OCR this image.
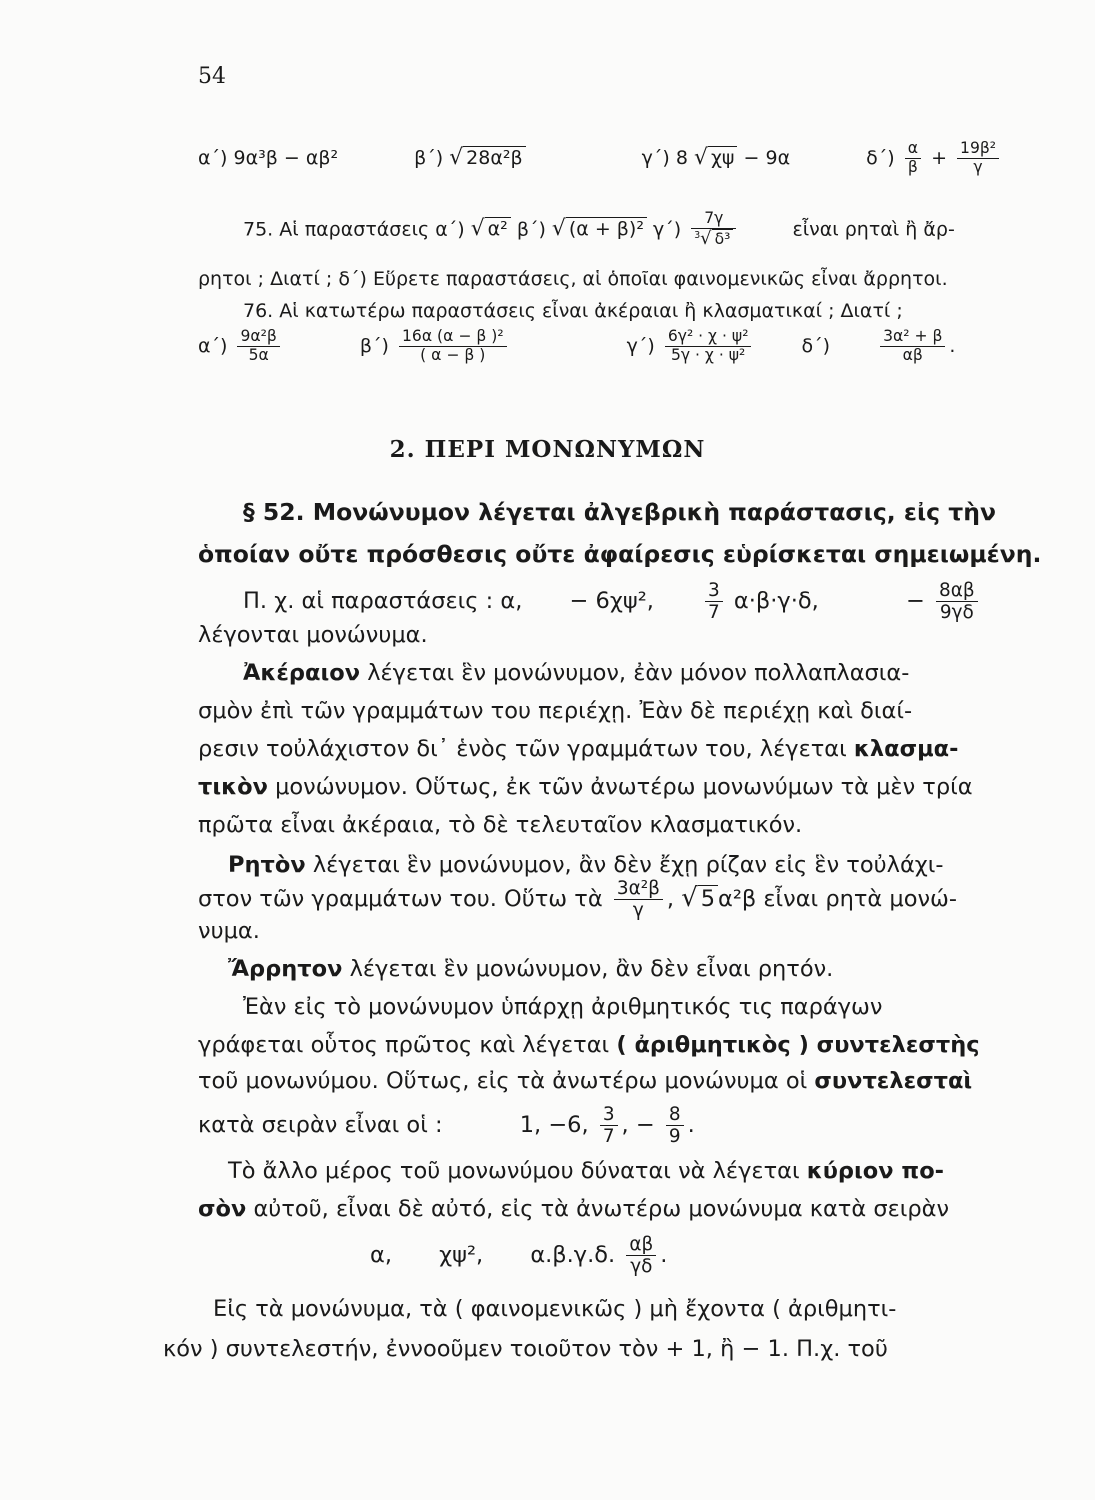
54
α΄) 9α³β − αβ²	β΄) √ 28α²β	γ΄) 8 √ χψ − 9α	$\delta΄) \frac{\alpha}{\beta} + \frac{\text{19β²}}{\gamma}$
75. Αἱ παραστάσεις α΄) √ α² β΄) √ (α + β)² $\gamma΄) \frac{7\gamma}{^3√ \delta^3}$	εἶναι ρηταὶ ἢ ἄρ-
ρητοι ; Διατί ; δ΄) Εὕρετε παραστάσεις, αἱ ὁποῖαι φαινομενικῶς εἶναι ἄρρητοι.
76. Αἱ κατωτέρω παραστάσεις εἶναι ἀκέραιαι ἢ κλασματικαί ; Διατί ;
$\alpha΄) \frac{\text{9α²β}}{5\alpha}$	$\beta΄) \frac{\text{16α (α − β )²}}{( \alpha - \beta )}$	$\gamma΄) \frac{\text{6γ² · χ · ψ²}}{\text{5γ · χ · ψ²}}$	δ΄)	$\frac{\text{3α² + β}}{\alpha\beta}$ .
2. ΠΕΡΙ ΜΟΝΩΝΥΜΩΝ
§ 52. Μονώνυμον λέγεται ἀλγεβρικὴ παράστασις, εἰς τὴν
ὁποίαν οὔτε πρόσθεσις οὔτε ἀφαίρεσις εὑρίσκεται σημειωμένη.
Π. χ. αἱ παραστάσεις : α, − 6χψ²,	$\frac{3}{7} \alpha\cdot\beta\cdot\gamma\cdot\delta$,	− $\frac{8\alpha\beta}{9\gamma\delta}$
λέγονται μονώνυμα.
Ἀκέραιον λέγεται ἓν μονώνυμον, ἐὰν μόνον πολλαπλασια-
σμὸν ἐπὶ τῶν γραμμάτων του περιέχῃ. Ἐὰν δὲ περιέχῃ καὶ διαί-
ρεσιν τοὐλάχιστον δι᾽ ἑνὸς τῶν γραμμάτων του, λέγεται κλασμα-
τικὸν μονώνυμον. Οὕτως, ἐκ τῶν ἀνωτέρω μονωνύμων τὰ μὲν τρία
πρῶτα εἶναι ἀκέραια, τὸ δὲ τελευταῖον κλασματικόν.
Ρητὸν λέγεται ἓν μονώνυμον, ἂν δὲν ἔχῃ ρίζαν εἰς ἓν τοὐλάχι-
στον τῶν γραμμάτων του. Οὕτω τὰ $\frac{\text{3α²β}}{\gamma}$ , √ 5 α²β εἶναι ρητὰ μονώ-
νυμα.
Ἄρρητον λέγεται ἓν μονώνυμον, ἂν δὲν εἶναι ρητόν.
Ἐὰν εἰς τὸ μονώνυμον ὑπάρχῃ ἀριθμητικός τις παράγων
γράφεται οὗτος πρῶτος καὶ λέγεται ( ἀριθμητικὸς ) συντελεστὴς
τοῦ μονωνύμου. Οὕτως, εἰς τὰ ἀνωτέρω μονώνυμα οἱ συντελεσταὶ
κατὰ σειρὰν εἶναι οἱ :	1, −6, $\frac{3}{7}$ , − $\frac{8}{9}$ .
Τὸ ἄλλο μέρος τοῦ μονωνύμου δύναται νὰ λέγεται κύριον πο-
σὸν αὐτοῦ, εἶναι δὲ αὐτό, εἰς τὰ ἀνωτέρω μονώνυμα κατὰ σειρὰν
α, χψ², α.β.γ.δ. $\frac{\alpha\beta}{\gamma\delta}$ .
Εἰς τὰ μονώνυμα, τὰ ( φαινομενικῶς ) μὴ ἔχοντα ( ἀριθμητι-
κόν ) συντελεστήν, ἐννοοῦμεν τοιοῦτον τὸν + 1, ἢ − 1. Π.χ. τοῦ
